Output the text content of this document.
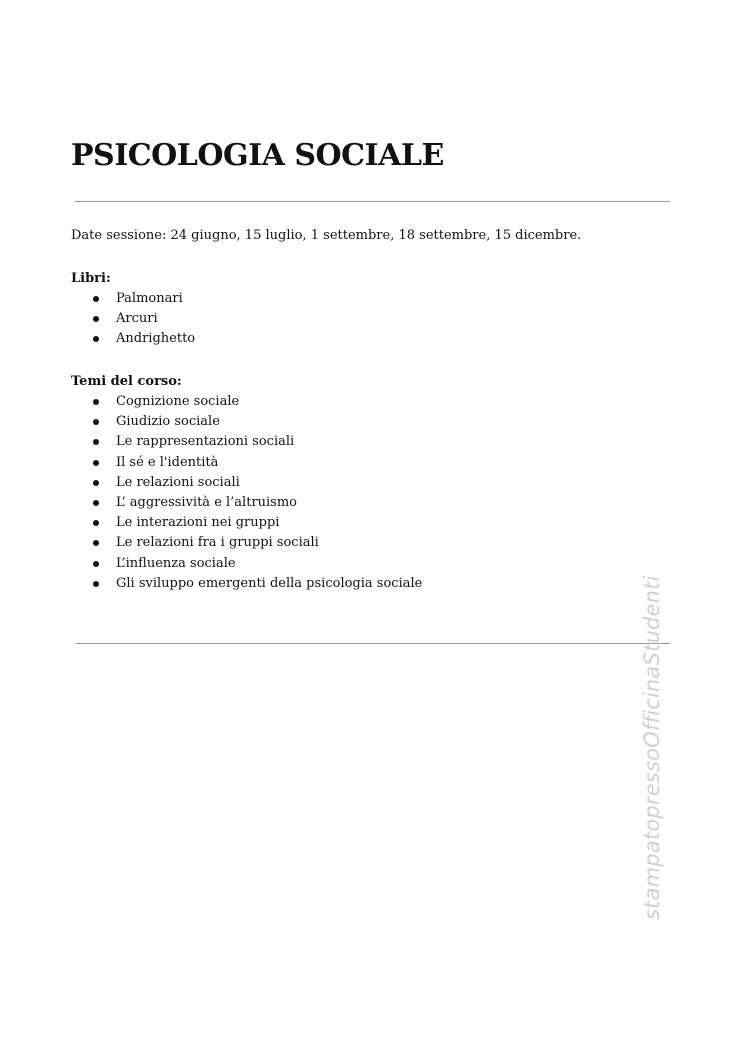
PSICOLOGIA SOCIALE
Date sessione: 24 giugno, 15 luglio, 1 settembre, 18 settembre, 15 dicembre.
Libri:
Palmonari
Arcuri
Andrighetto
Temi del corso:
Cognizione sociale
Giudizio sociale
Le rappresentazioni sociali
Il sé e l'identità
Le relazioni sociali
L’ aggressività e l’altruismo
Le interazioni nei gruppi
Le relazioni fra i gruppi sociali
L’influenza sociale
Gli sviluppo emergenti della psicologia sociale	stampatopressoOfficinaStudenti
